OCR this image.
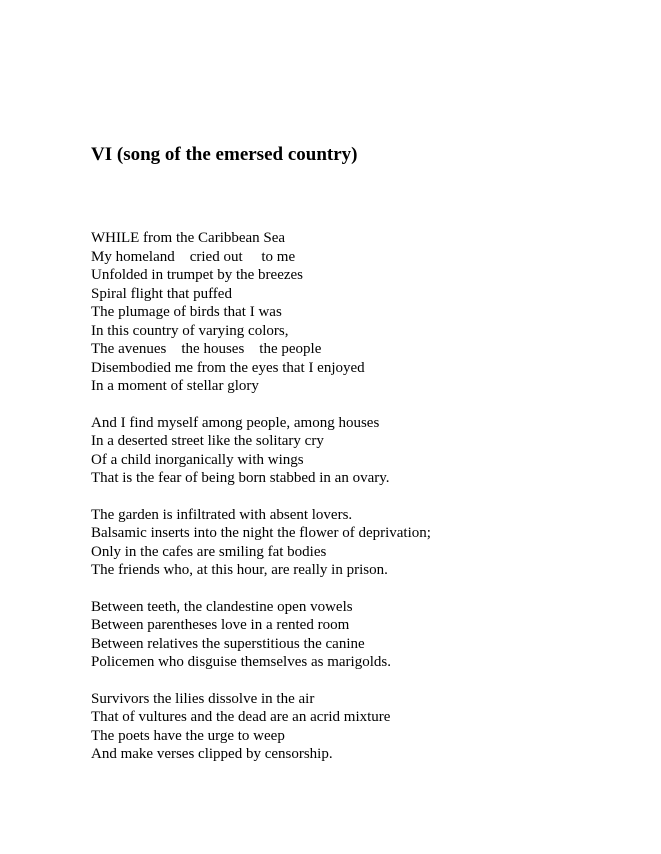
VI (song of the emersed country)
WHILE from the Caribbean Sea
My homeland    cried out     to me
Unfolded in trumpet by the breezes
Spiral flight that puffed
The plumage of birds that I was
In this country of varying colors,
The avenues    the houses    the people
Disembodied me from the eyes that I enjoyed
In a moment of stellar glory
And I find myself among people, among houses
In a deserted street like the solitary cry
Of a child inorganically with wings
That is the fear of being born stabbed in an ovary.
The garden is infiltrated with absent lovers.
Balsamic inserts into the night the flower of deprivation;
Only in the cafes are smiling fat bodies
The friends who, at this hour, are really in prison.
Between teeth, the clandestine open vowels
Between parentheses love in a rented room
Between relatives the superstitious the canine
Policemen who disguise themselves as marigolds.
Survivors the lilies dissolve in the air
That of vultures and the dead are an acrid mixture
The poets have the urge to weep
And make verses clipped by censorship.
